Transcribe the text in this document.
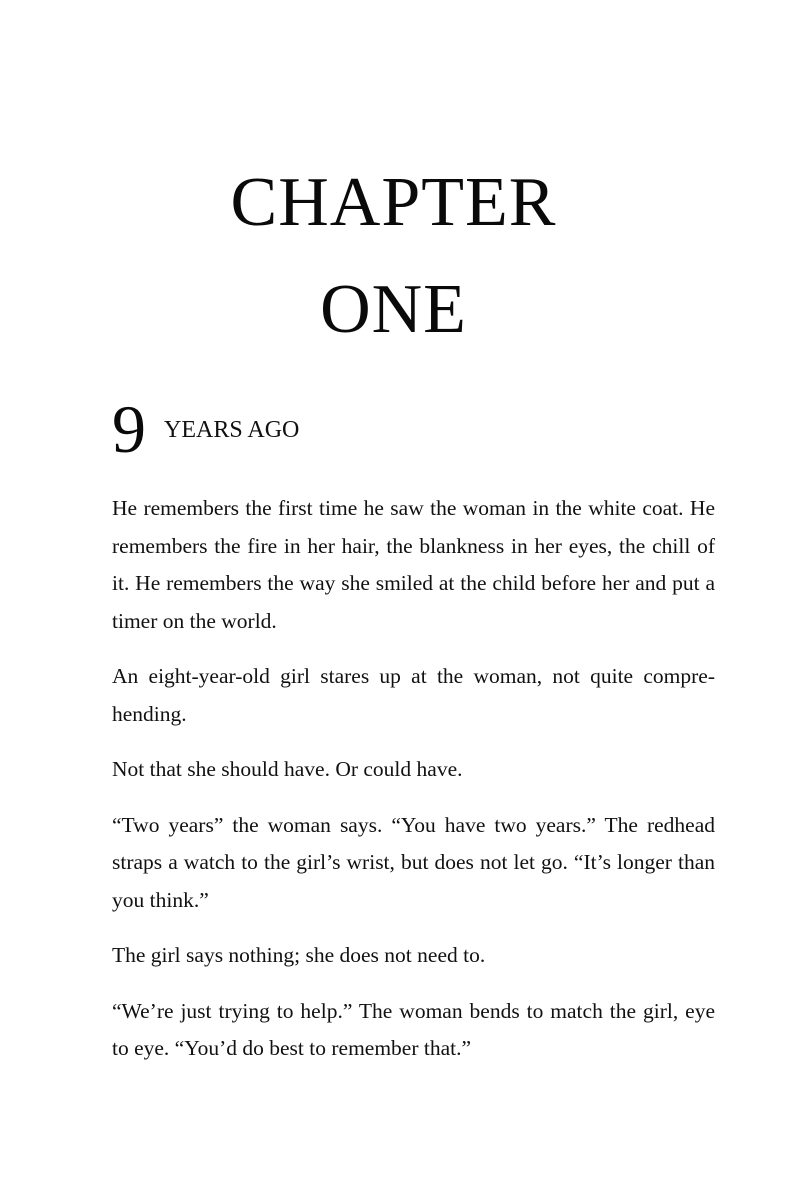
CHAPTER
ONE
9 YEARS AGO

He remembers the first time he saw the woman in the white coat. He remembers the fire in her hair, the blankness in her eyes, the chill of it. He remembers the way she smiled at the child before her and put a timer on the world.

An eight-year-old girl stares up at the woman, not quite comprehending.

Not that she should have. Or could have.

“Two years” the woman says. “You have two years.” The redhead straps a watch to the girl’s wrist, but does not let go. “It’s longer than you think.”

The girl says nothing; she does not need to.

“We’re just trying to help.” The woman bends to match the girl, eye to eye. “You’d do best to remember that.”
